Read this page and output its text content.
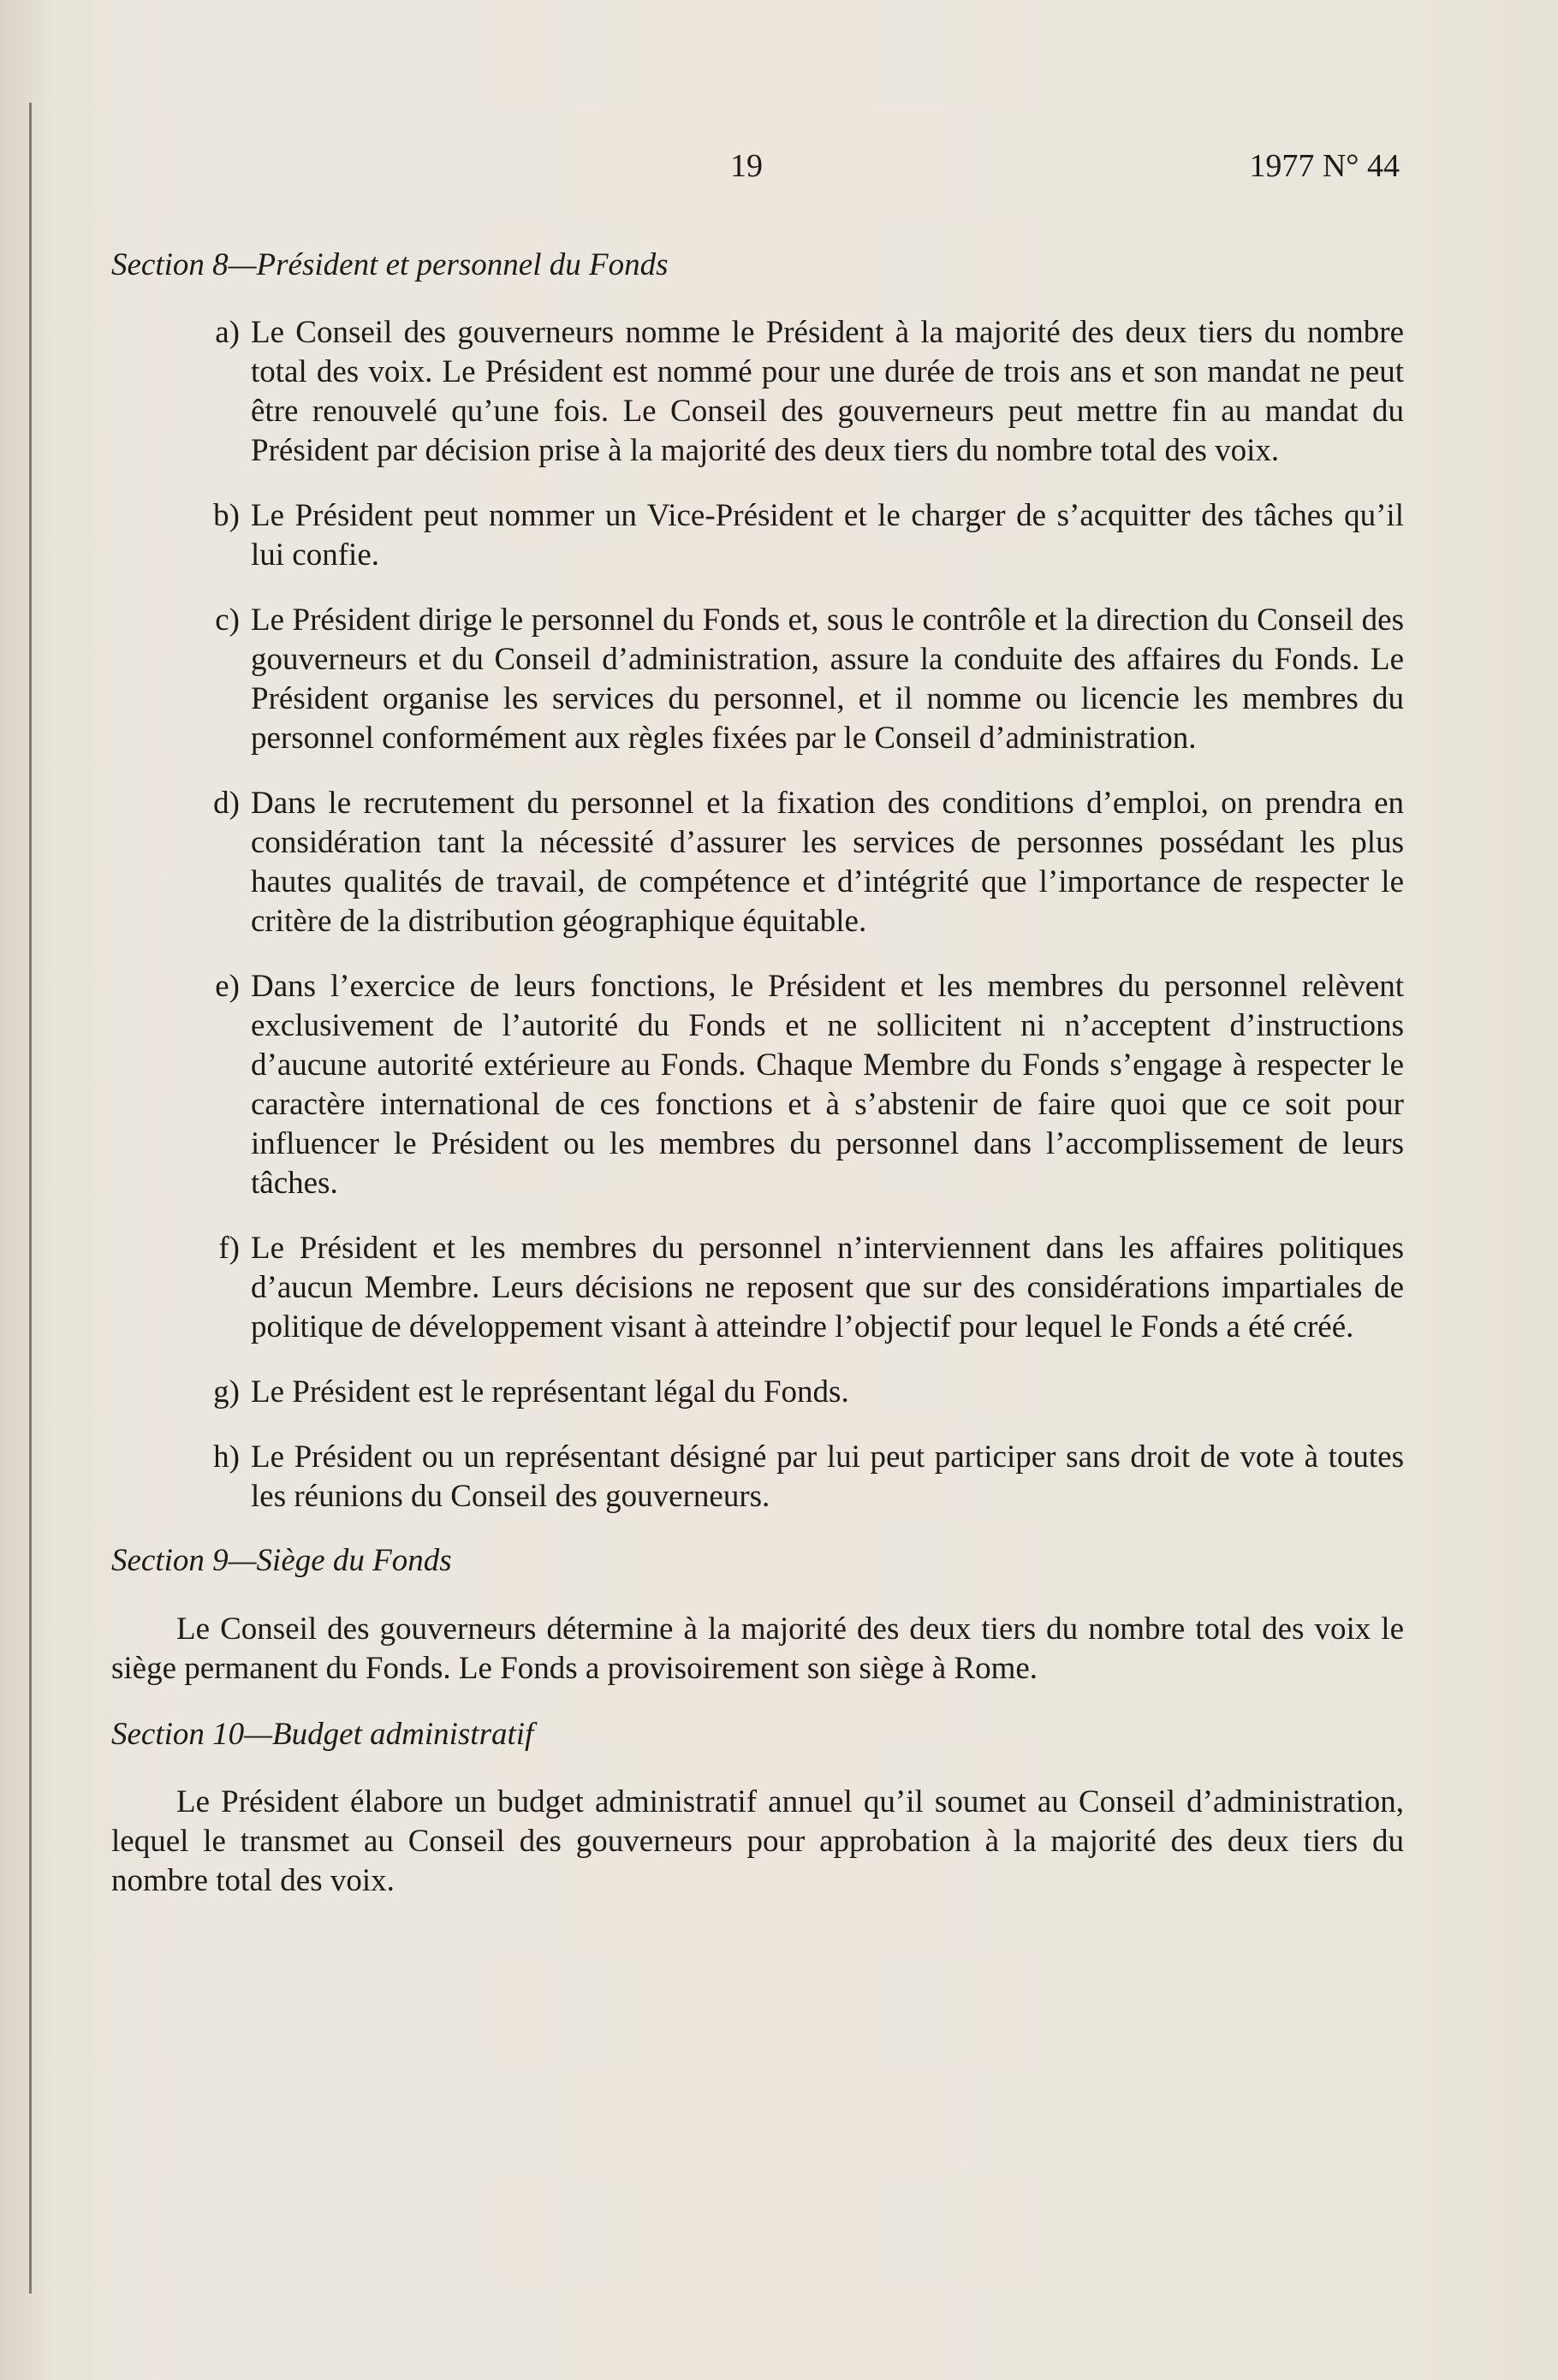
19	1977 N° 44
Section 8—Président et personnel du Fonds
a) Le Conseil des gouverneurs nomme le Président à la majorité des deux tiers du nombre total des voix. Le Président est nommé pour une durée de trois ans et son mandat ne peut être renouvelé qu’une fois. Le Conseil des gouverneurs peut mettre fin au mandat du Président par décision prise à la majorité des deux tiers du nombre total des voix.
b) Le Président peut nommer un Vice-Président et le charger de s’acquitter des tâches qu’il lui confie.
c) Le Président dirige le personnel du Fonds et, sous le contrôle et la direction du Conseil des gouverneurs et du Conseil d’administration, assure la conduite des affaires du Fonds. Le Président organise les services du personnel, et il nomme ou licencie les membres du personnel conformément aux règles fixées par le Conseil d’administration.
d) Dans le recrutement du personnel et la fixation des conditions d’emploi, on prendra en considération tant la nécessité d’assurer les services de personnes possédant les plus hautes qualités de travail, de compétence et d’intégrité que l’importance de respecter le critère de la distribution géographique équitable.
e) Dans l’exercice de leurs fonctions, le Président et les membres du personnel relèvent exclusivement de l’autorité du Fonds et ne sollicitent ni n’acceptent d’instructions d’aucune autorité extérieure au Fonds. Chaque Membre du Fonds s’engage à respecter le caractère international de ces fonctions et à s’abstenir de faire quoi que ce soit pour influencer le Président ou les membres du personnel dans l’accomplissement de leurs tâches.
f) Le Président et les membres du personnel n’interviennent dans les affaires politiques d’aucun Membre. Leurs décisions ne reposent que sur des considérations impartiales de politique de développement visant à atteindre l’objectif pour lequel le Fonds a été créé.
g) Le Président est le représentant légal du Fonds.
h) Le Président ou un représentant désigné par lui peut participer sans droit de vote à toutes les réunions du Conseil des gouverneurs.
Section 9—Siège du Fonds

Le Conseil des gouverneurs détermine à la majorité des deux tiers du nombre total des voix le siège permanent du Fonds. Le Fonds a provisoirement son siège à Rome.

Section 10—Budget administratif

Le Président élabore un budget administratif annuel qu’il soumet au Conseil d’administration, lequel le transmet au Conseil des gouverneurs pour approbation à la majorité des deux tiers du nombre total des voix.
